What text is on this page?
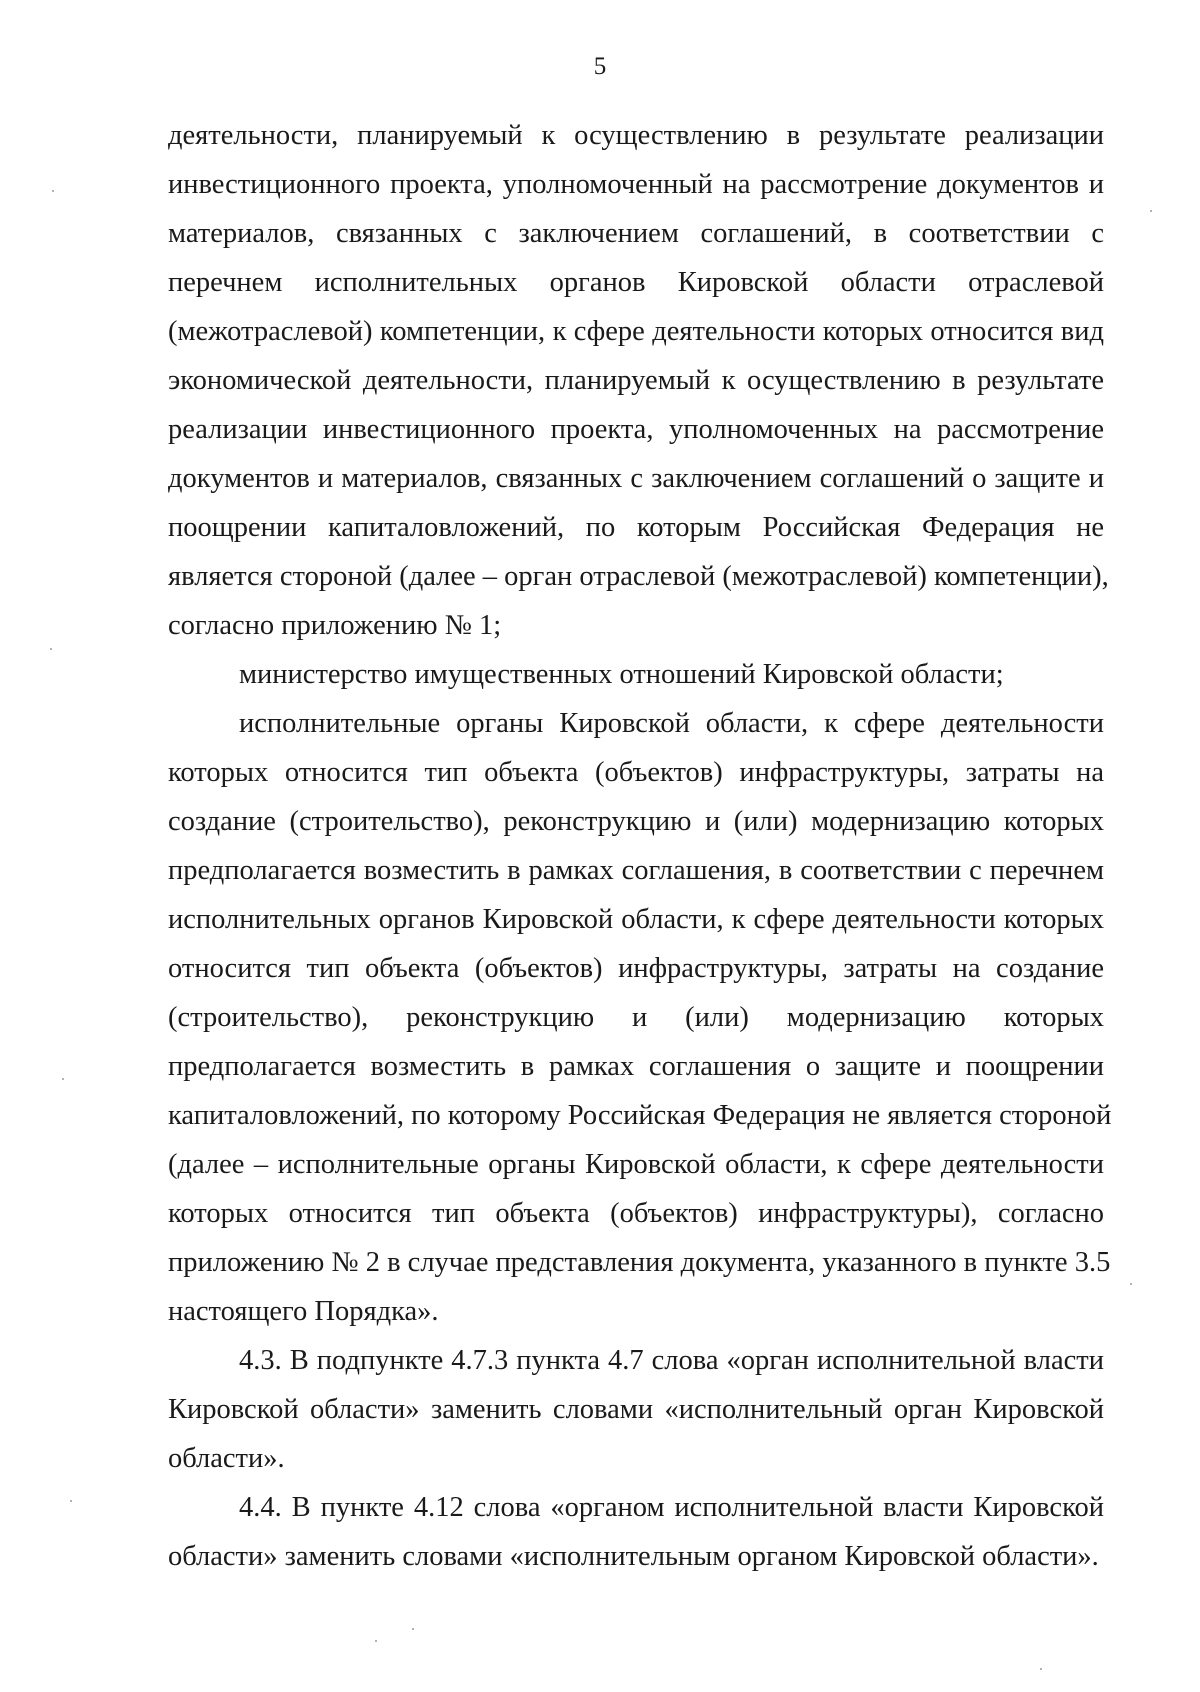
5
деятельности, планируемый к осуществлению в результате реализации
инвестиционного проекта, уполномоченный на рассмотрение документов и
материалов, связанных с заключением соглашений, в соответствии с
перечнем исполнительных органов Кировской области отраслевой
(межотраслевой) компетенции, к сфере деятельности которых относится вид
экономической деятельности, планируемый к осуществлению в результате
реализации инвестиционного проекта, уполномоченных на рассмотрение
документов и материалов, связанных с заключением соглашений о защите и
поощрении капиталовложений, по которым Российская Федерация не
является стороной (далее – орган отраслевой (межотраслевой) компетенции),
согласно приложению № 1;
министерство имущественных отношений Кировской области;
исполнительные органы Кировской области, к сфере деятельности
которых относится тип объекта (объектов) инфраструктуры, затраты на
создание (строительство), реконструкцию и (или) модернизацию которых
предполагается возместить в рамках соглашения, в соответствии с перечнем
исполнительных органов Кировской области, к сфере деятельности которых
относится тип объекта (объектов) инфраструктуры, затраты на создание
(строительство), реконструкцию и (или) модернизацию которых
предполагается возместить в рамках соглашения о защите и поощрении
капиталовложений, по которому Российская Федерация не является стороной
(далее – исполнительные органы Кировской области, к сфере деятельности
которых относится тип объекта (объектов) инфраструктуры), согласно
приложению № 2 в случае представления документа, указанного в пункте 3.5
настоящего Порядка».
4.3. В подпункте 4.7.3 пункта 4.7 слова «орган исполнительной власти
Кировской области» заменить словами «исполнительный орган Кировской
области».
4.4. В пункте 4.12 слова «органом исполнительной власти Кировской
области» заменить словами «исполнительным органом Кировской области».
